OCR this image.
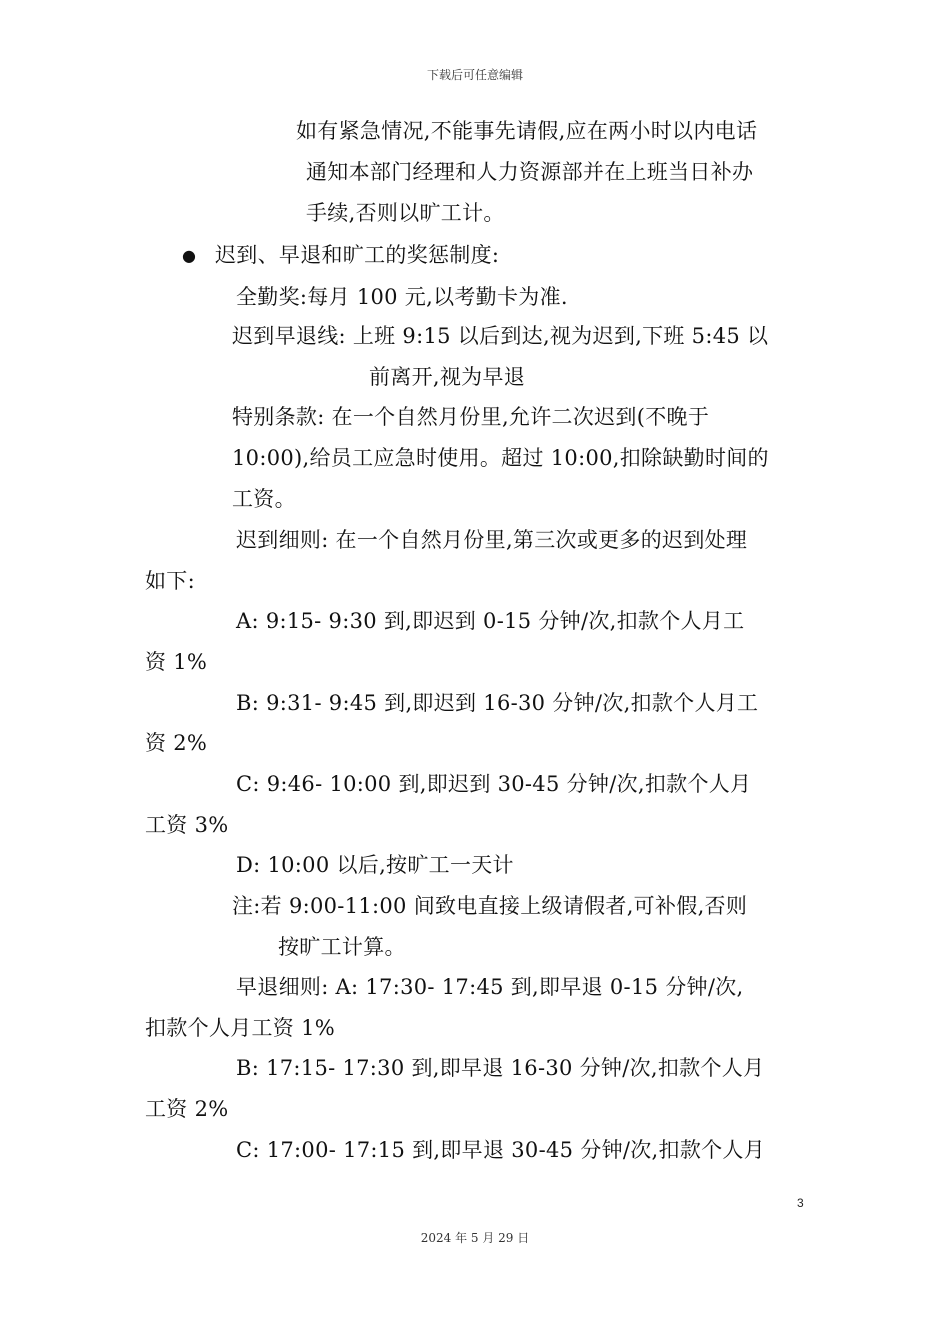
下载后可任意编辑
如有紧急情况,不能事先请假,应在两小时以内电话
通知本部门经理和人力资源部并在上班当日补办
手续,否则以旷工计。
● 迟到、早退和旷工的奖惩制度:
全勤奖:每月 100 元,以考勤卡为准.
迟到早退线: 上班 9:15 以后到达,视为迟到,下班 5:45 以
前离开,视为早退
特别条款: 在一个自然月份里,允许二次迟到(不晚于
10:00),给员工应急时使用。超过 10:00,扣除缺勤时间的
工资。
迟到细则: 在一个自然月份里,第三次或更多的迟到处理
如下:
A: 9:15- 9:30 到,即迟到 0-15 分钟/次,扣款个人月工
资 1%
B: 9:31- 9:45 到,即迟到 16-30 分钟/次,扣款个人月工
资 2%
C: 9:46- 10:00 到,即迟到 30-45 分钟/次,扣款个人月
工资 3%
D: 10:00 以后,按旷工一天计
注:若 9:00-11:00 间致电直接上级请假者,可补假,否则
按旷工计算。
早退细则: A: 17:30- 17:45 到,即早退 0-15 分钟/次,
扣款个人月工资 1%
B: 17:15- 17:30 到,即早退 16-30 分钟/次,扣款个人月
工资 2%
C: 17:00- 17:15 到,即早退 30-45 分钟/次,扣款个人月
3
2024 年 5 月 29 日
